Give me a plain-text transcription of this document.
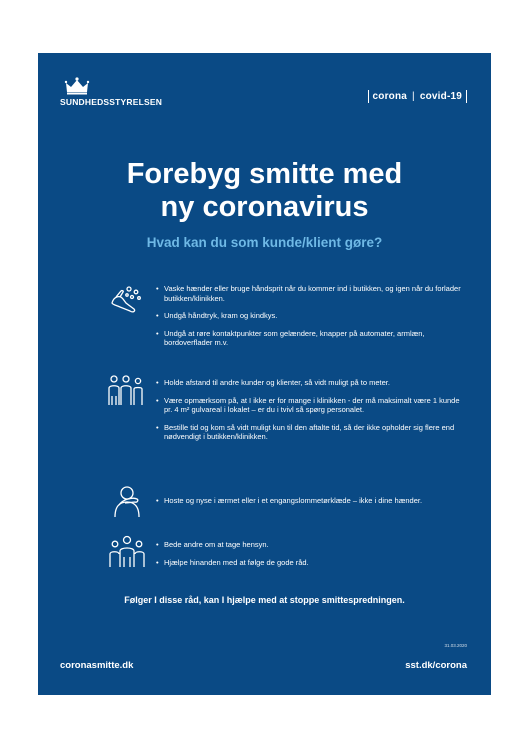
SUNDHEDSSTYRELSEN	corona | covid-19
Forebyg smitte med
ny coronavirus
Hvad kan du som kunde/klient gøre?
• Vaske hænder eller bruge håndsprit når du kommer ind i butikken, og igen når du forlader butikken/klinikken.
• Undgå håndtryk, kram og kindkys.
• Undgå at røre kontaktpunkter som gelændere, knapper på automater, armlæn, bordoverflader m.v.
• Holde afstand til andre kunder og klienter, så vidt muligt på to meter.
• Være opmærksom på, at I ikke er for mange i klinikken - der må maksimalt være 1 kunde pr. 4 m² gulvareal i lokalet – er du i tvivl så spørg personalet.
• Bestille tid og kom så vidt muligt kun til den aftalte tid, så der ikke opholder sig flere end nødvendigt i butikken/klinikken.
• Hoste og nyse i ærmet eller i et engangslommetørklæde – ikke i dine hænder.
• Bede andre om at tage hensyn.
• Hjælpe hinanden med at følge de gode råd.
Følger I disse råd, kan I hjælpe med at stoppe smittespredningen.
31.03.2020
coronasmitte.dk	sst.dk/corona
